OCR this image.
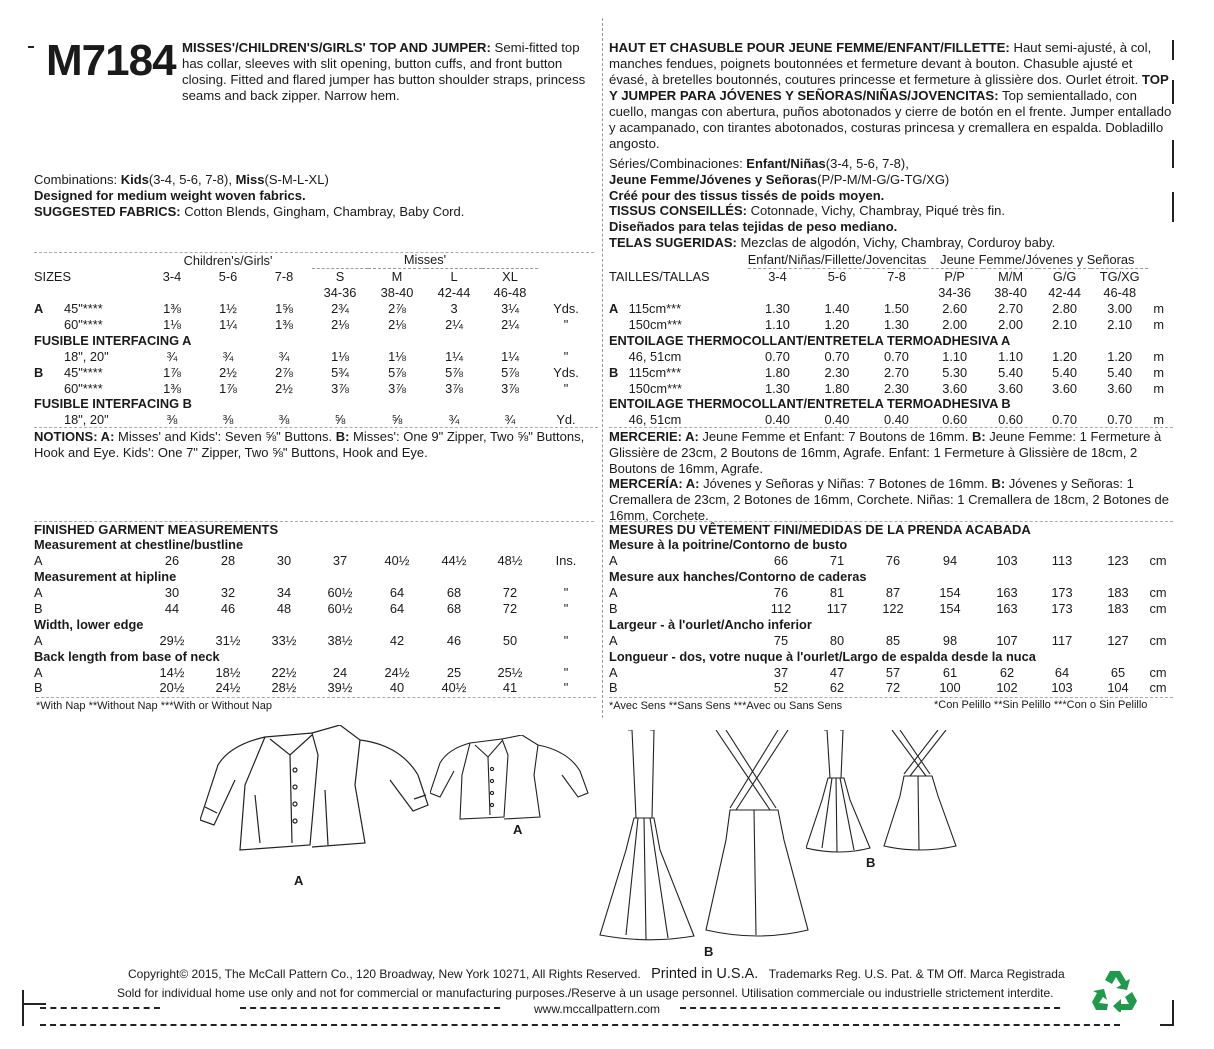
M7184 MISSES'/CHILDREN'S/GIRLS' TOP AND JUMPER: Semi-fitted top has collar, sleeves with slit opening, button cuffs, and front button closing. Fitted and flared jumper has button shoulder straps, princess seams and back zipper. Narrow hem.
Combinations: Kids(3-4, 5-6, 7-8), Miss(S-M-L-XL)
Designed for medium weight woven fabrics.
SUGGESTED FABRICS: Cotton Blends, Gingham, Chambray, Baby Cord.
		Children's/Girls'			Misses'				
SIZES		3-4	5-6	7-8	S	M	L	XL	
					34-36	38-40	42-44	46-48	
A	45"****	1⅜	1½	1⅝	2¾	2⅞	3	3¼	Yds.
	60"****	1⅛	1¼	1⅜	2⅛	2⅛	2¼	2¼	"
FUSIBLE INTERFACING A									
	18", 20"	¾	¾	¾	1⅛	1⅛	1¼	1¼	"
B	45"****	1⅞	2½	2⅞	5¾	5⅞	5⅞	5⅞	Yds.
	60"****	1⅜	1⅞	2½	3⅞	3⅞	3⅞	3⅞	"
FUSIBLE INTERFACING B									
	18", 20"	⅜	⅜	⅜	⅝	⅝	¾	¾	Yd.
NOTIONS: A: Misses' and Kids': Seven ⅝" Buttons. B: Misses': One 9" Zipper, Two ⅝" Buttons, Hook and Eye. Kids': One 7" Zipper, Two ⅝" Buttons, Hook and Eye.
FINISHED GARMENT MEASUREMENTS
Measurement at chestline/bustline								
A	26	28	30	37	40½	44½	48½	Ins.
Measurement at hipline								
A	30	32	34	60½	64	68	72	"
B	44	46	48	60½	64	68	72	"
Width, lower edge								
A	29½	31½	33½	38½	42	46	50	"
Back length from base of neck								
A	14½	18½	22½	24	24½	25	25½	"
B	20½	24½	28½	39½	40	40½	41	"
*With Nap **Without Nap ***With or Without Nap
HAUT ET CHASUBLE POUR JEUNE FEMME/ENFANT/FILLETTE: Haut semi-ajusté, à col, manches fendues, poignets boutonnées et fermeture devant à bouton. Chasuble ajusté et évasé, à bretelles boutonnés, coutures princesse et fermeture à glissière dos. Ourlet étroit. TOP Y JUMPER PARA JÓVENES Y SEÑORAS/NIÑAS/JOVENCITAS: Top semientallado, con cuello, mangas con abertura, puños abotonados y cierre de botón en el frente. Jumper entallado y acampanado, con tirantes abotonados, costuras princesa y cremallera en espalda. Dobladillo angosto.
Séries/Combinaciones: Enfant/Niñas(3-4, 5-6, 7-8),
Jeune Femme/Jóvenes y Señoras(P/P-M/M-G/G-TG/XG)
Créé pour des tissus tissés de poids moyen.
TISSUS CONSEILLÉS: Cotonnade, Vichy, Chambray, Piqué très fin.
Diseñados para telas tejidas de peso mediano.
TELAS SUGERIDAS: Mezclas de algodón, Vichy, Chambray, Corduroy baby.
		Enfant/Niñas/Fillette/Jovencitas			Jeune Femme/Jóvenes y Señoras				
TAILLES/TALLAS		3-4	5-6	7-8	P/P	M/M	G/G	TG/XG	
					34-36	38-40	42-44	46-48	
A	115cm***	1.30	1.40	1.50	2.60	2.70	2.80	3.00	m
	150cm***	1.10	1.20	1.30	2.00	2.00	2.10	2.10	m
ENTOILAGE THERMOCOLLANT/ENTRETELA TERMOADHESIVA A									
	46, 51cm	0.70	0.70	0.70	1.10	1.10	1.20	1.20	m
B	115cm***	1.80	2.30	2.70	5.30	5.40	5.40	5.40	m
	150cm***	1.30	1.80	2.30	3.60	3.60	3.60	3.60	m
ENTOILAGE THERMOCOLLANT/ENTRETELA TERMOADHESIVA B									
	46, 51cm	0.40	0.40	0.40	0.60	0.60	0.70	0.70	m
MERCERIE: A: Jeune Femme et Enfant: 7 Boutons de 16mm. B: Jeune Femme: 1 Fermeture à Glissière de 23cm, 2 Boutons de 16mm, Agrafe. Enfant: 1 Fermeture à Glissière de 18cm, 2 Boutons de 16mm, Agrafe.
MERCERÍA: A: Jóvenes y Señoras y Niñas: 7 Botones de 16mm. B: Jóvenes y Señoras: 1 Cremallera de 23cm, 2 Botones de 16mm, Corchete. Niñas: 1 Cremallera de 18cm, 2 Botones de 16mm, Corchete.
MESURES DU VÊTEMENT FINI/MEDIDAS DE LA PRENDA ACABADA
Mesure à la poitrine/Contorno de busto								
A	66	71	76	94	103	113	123	cm
Mesure aux hanches/Contorno de caderas								
A	76	81	87	154	163	173	183	cm
B	112	117	122	154	163	173	183	cm
Largeur - à l'ourlet/Ancho inferior								
A	75	80	85	98	107	117	127	cm
Longueur - dos, votre nuque à l'ourlet/Largo de espalda desde la nuca								
A	37	47	57	61	62	64	65	cm
B	52	62	72	100	102	103	104	cm
*Avec Sens **Sans Sens ***Avec ou Sans Sens	*Con Pelillo **Sin Pelillo ***Con o Sin Pelillo
A
A
B
B
Copyright© 2015, The McCall Pattern Co., 120 Broadway, New York 10271, All Rights Reserved. Printed in U.S.A. Trademarks Reg. U.S. Pat. & TM Off. Marca Registrada
Sold for individual home use only and not for commercial or manufacturing purposes./Reserve à un usage personnel. Utilisation commerciale ou industrielle strictement interdite.
www.mccallpattern.com
